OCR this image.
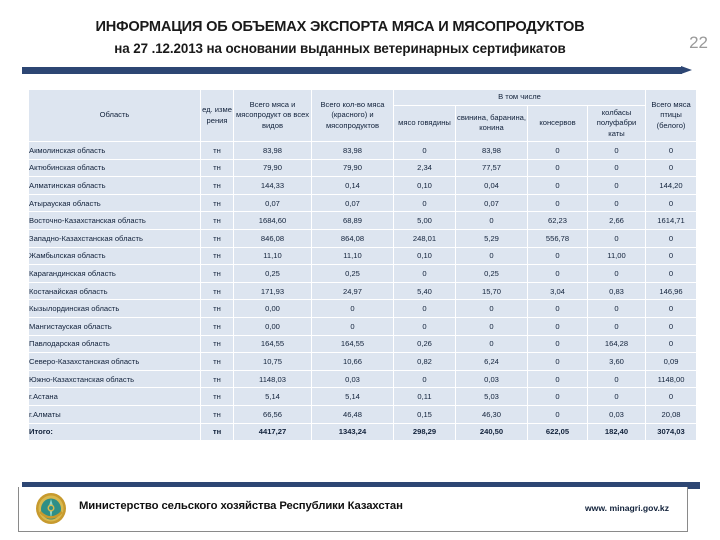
ИНФОРМАЦИЯ ОБ ОБЪЕМАХ ЭКСПОРТА МЯСА И МЯСОПРОДУКТОВ
на 27 .12.2013 на основании выданных ветеринарных сертификатов	22
Область	ед. изме рения	Всего мяса и мясопродукт ов всех видов	Всего кол-во мяса (красного) и мясопродуктов	В том числе				Всего мяса птицы (белого)
				мясо говядины	свинина, баранина, конина	консервов	колбасы полуфабри каты	
Акмолинская область	тн	83,98	83,98	0	83,98	0	0	0
Актюбинская область	тн	79,90	79,90	2,34	77,57	0	0	0
Алматинская область	тн	144,33	0,14	0,10	0,04	0	0	144,20
Атырауская область	тн	0,07	0,07	0	0,07	0	0	0
Восточно-Казахстанская область	тн	1684,60	68,89	5,00	0	62,23	2,66	1614,71
Западно-Казахстанская область	тн	846,08	864,08	248,01	5,29	556,78	0	0
Жамбылская область	тн	11,10	11,10	0,10	0	0	11,00	0
Карагандинская область	тн	0,25	0,25	0	0,25	0	0	0
Костанайская область	тн	171,93	24,97	5,40	15,70	3,04	0,83	146,96
Кызылординская область	тн	0,00	0	0	0	0	0	0
Мангистауская область	тн	0,00	0	0	0	0	0	0
Павлодарская область	тн	164,55	164,55	0,26	0	0	164,28	0
Северо-Казахстанская область	тн	10,75	10,66	0,82	6,24	0	3,60	0,09
Южно-Казахстанская область	тн	1148,03	0,03	0	0,03	0	0	1148,00
г.Астана	тн	5,14	5,14	0,11	5,03	0	0	0
г.Алматы	тн	66,56	46,48	0,15	46,30	0	0,03	20,08
Итого:	тн	4417,27	1343,24	298,29	240,50	622,05	182,40	3074,03
Министерство сельского хозяйства Республики Казахстан	www. minagri.gov.kz
